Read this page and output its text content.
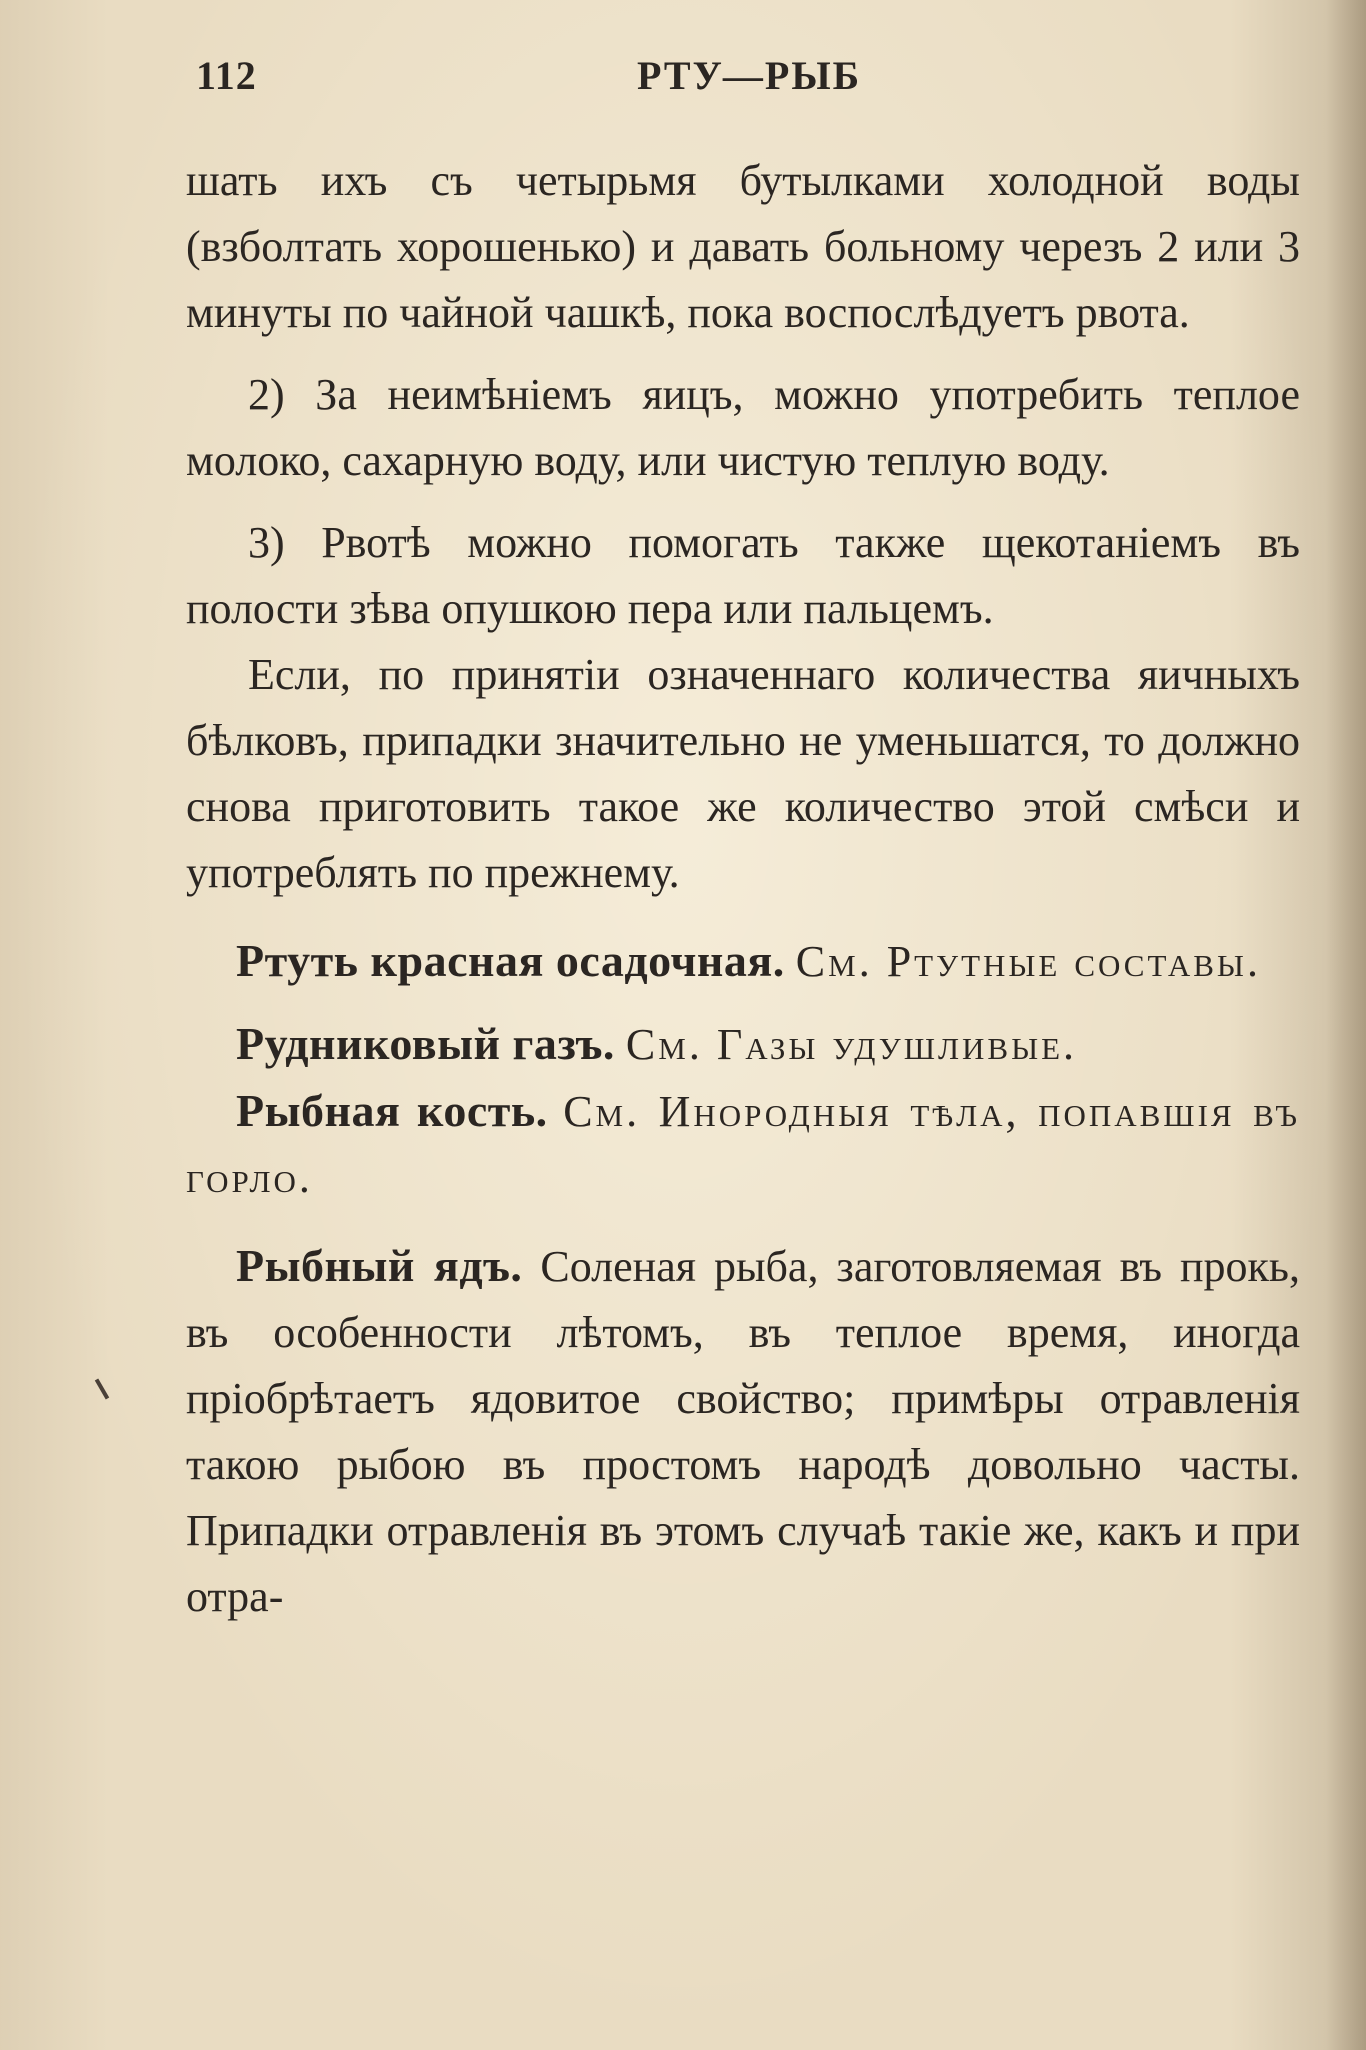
112	РТУ—РЫБ

шать ихъ съ четырьмя бутылками холодной воды (взболтать хорошенько) и давать больному черезъ 2 или 3 минуты по чайной чашкѣ, пока воспослѣдуетъ рвота.

2) За неимѣніемъ яицъ, можно употребить теплое молоко, сахарную воду, или чистую теплую воду.

3) Рвотѣ можно помогать также щекотаніемъ въ полости зѣва опушкою пера или пальцемъ.

Если, по принятіи означеннаго количества яичныхъ бѣлковъ, припадки значительно не уменьшатся, то должно снова приготовить такое же количество этой смѣси и употреблять по прежнему.

Ртуть красная осадочная. См. Ртутные составы.

Рудниковый газъ. См. Газы удушливые.

Рыбная кость. См. Инородныя тѣла, попавшія въ горло.

Рыбный ядъ. Соленая рыба, заготовляемая въ прокь, въ особенности лѣтомъ, въ теплое время, иногда пріобрѣтаетъ ядовитое свойство; примѣры отравленія такою рыбою въ простомъ народѣ довольно часты. Припадки отравленія въ этомъ случаѣ такіе же, какъ и при отра-
